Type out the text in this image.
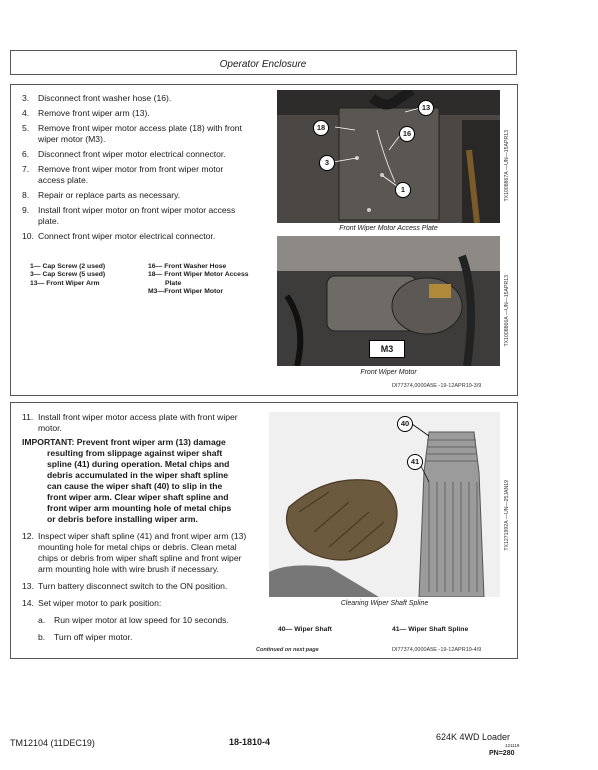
Operator Enclosure
3. Disconnect front washer hose (16).
4. Remove front wiper arm (13).
5. Remove front wiper motor access plate (18) with front
wiper motor (M3).
6. Disconnect front wiper motor electrical connector.
7. Remove front wiper motor from front wiper motor
access plate.
8. Repair or replace parts as necessary.
9. Install front wiper motor on front wiper motor access
plate.
10. Connect front wiper motor electrical connector.
1— Cap Screw (2 used)
3— Cap Screw (5 used)
13— Front Wiper Arm
16— Front Washer Hose
18— Front Wiper Motor Access
Plate
M3—Front Wiper Motor
13
18
16
3
1
Front Wiper Motor Access Plate
TX1008867A —UN—15APR13
M3
Front Wiper Motor
TX1008866A —UN—15APR13
DI77374,0000A5E -19-12APR19-3/9
11. Install front wiper motor access plate with front wiper
motor.
IMPORTANT: Prevent front wiper arm (13) damage
resulting from slippage against wiper shaft
spline (41) during operation. Metal chips and
debris accumulated in the wiper shaft spline
can cause the wiper shaft (40) to slip in the
front wiper arm. Clear wiper shaft spline and
front wiper arm mounting hole of metal chips
or debris before installing wiper arm.
12. Inspect wiper shaft spline (41) and front wiper arm (13)
mounting hole for metal chips or debris. Clean metal
chips or debris from wiper shaft spline and front wiper
arm mounting hole with wire brush if necessary.
13. Turn battery disconnect switch to the ON position.
14. Set wiper motor to park position:
a. Run wiper motor at low speed for 10 seconds.
b. Turn off wiper motor.
40
41
Cleaning Wiper Shaft Spline
TX1271992A —UN—25JAN19
40— Wiper Shaft	41— Wiper Shaft Spline
Continued on next page	DI77374,0000A5E -19-12APR19-4/9
TM12104 (11DEC19)	18-1810-4	624K 4WD Loader
121119
PN=280
